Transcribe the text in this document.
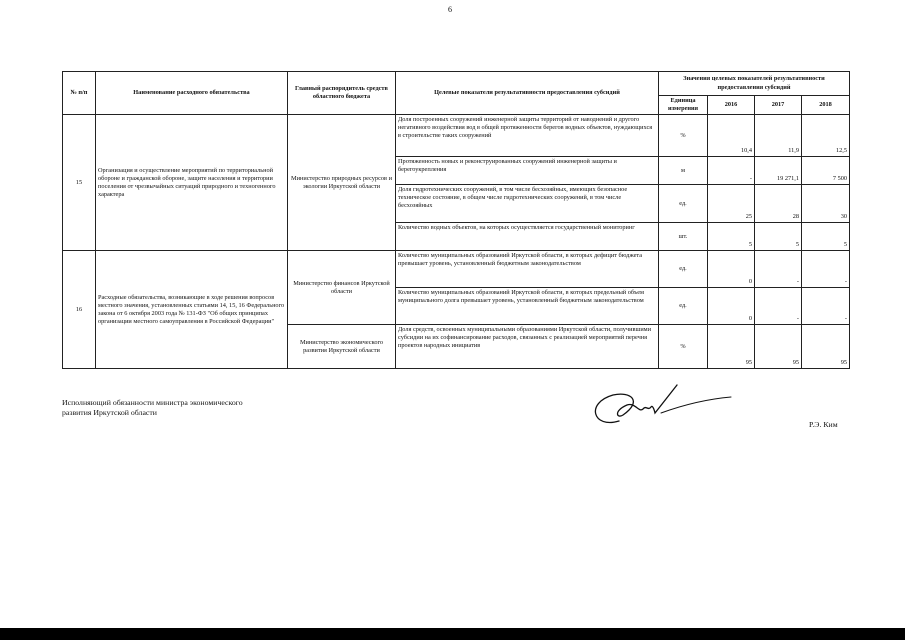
6
№ п/п	Наименование расходного обязательства	Главный распорядитель средств областного бюджета	Целевые показатели результативности предоставления субсидий	Значения целевых показателей результативности предоставления субсидий			
				Единица измерения	2016	2017	2018
15	Организация и осуществление мероприятий по территориальной обороне и гражданской обороне, защите населения и территории поселения от чрезвычайных ситуаций природного и техногенного характера	Министерство природных ресурсов и экологии Иркутской области	Доля построенных сооружений инженерной защиты территорий от наводнений и другого негативного воздействия вод в общей протяженности берегов водных объектов, нуждающихся в строительстве таких сооружений	%	10,4	11,9	12,5
			Протяженность новых и реконструированных сооружений инженерной защиты и берегоукрепления	м	-	19 271,1	7 500
			Доля гидротехнических сооружений, в том числе бесхозяйных, имеющих безопасное техническое состояние, в общем числе гидротехнических сооружений, в том числе бесхозяйных	ед.	25	28	30
			Количество водных объектов, на которых осуществляется государственный мониторинг	шт.	5	5	5
16	Расходные обязательства, возникающие в ходе решения вопросов местного значения, установленных статьями 14, 15, 16 Федерального закона от 6 октября 2003 года № 131-ФЗ "Об общих принципах организации местного самоуправления в Российской Федерации"	Министерство финансов Иркутской области	Количество муниципальных образований Иркутской области, в которых дефицит бюджета превышает уровень, установленный бюджетным законодательством	ед.	0	-	-
			Количество муниципальных образований Иркутской области, в которых предельный объем муниципального долга превышает уровень, установленный бюджетным законодательством	ед.	0	-	-
		Министерство экономического развития Иркутской области	Доля средств, освоенных муниципальными образованиями Иркутской области, получившими субсидии на их софинансирование расходов, связанных с реализацией мероприятий перечня проектов народных инициатив	%	95	95	95
Исполняющий обязанности министра экономического
развития Иркутской области
Р.Э. Ким
